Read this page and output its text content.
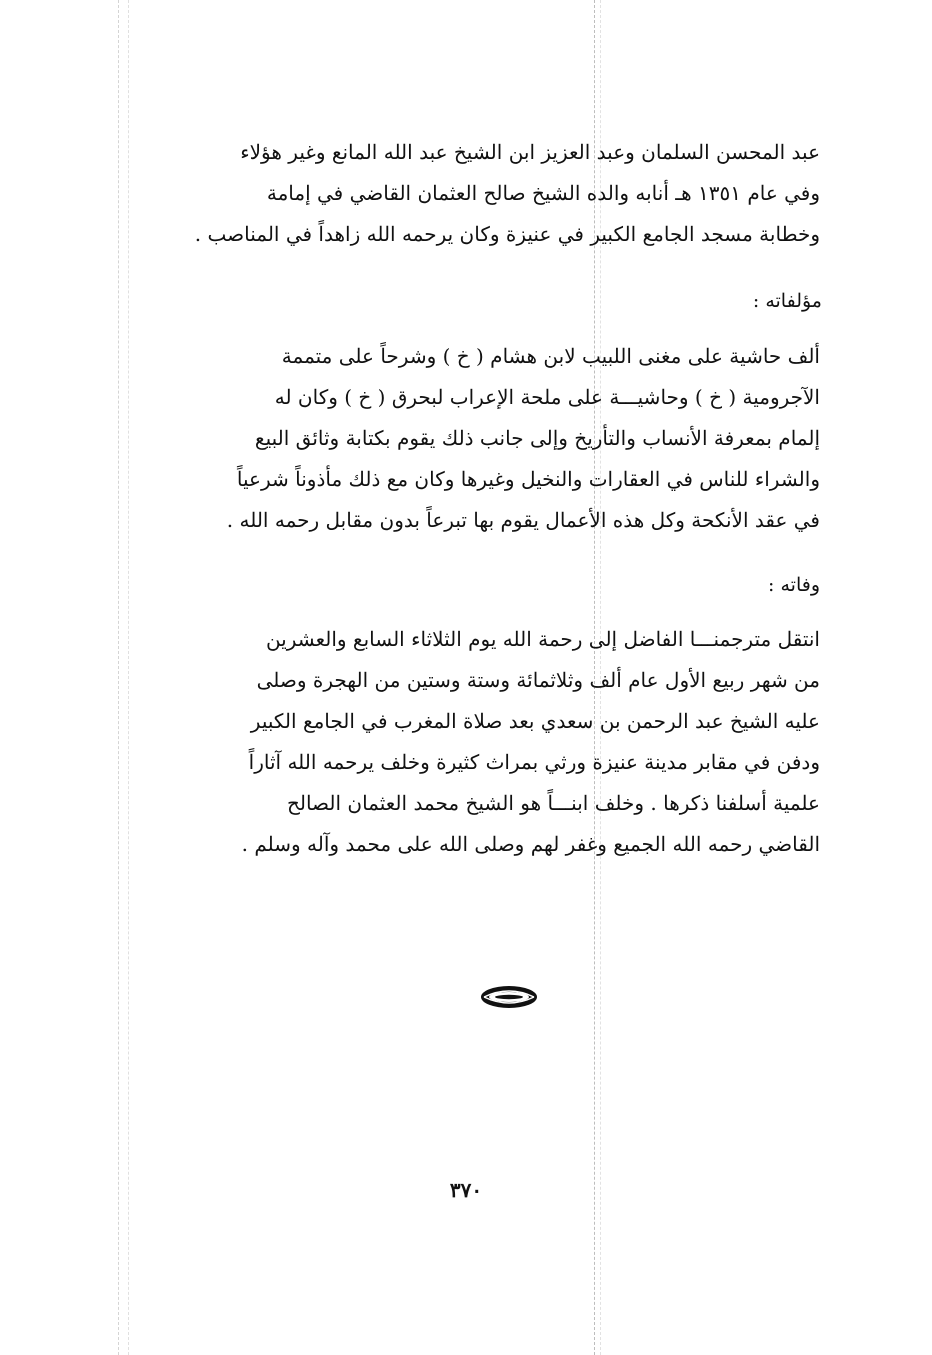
عبد المحسن السلمان وعبد العزيز ابن الشيخ عبد الله المانع وغير هؤلاء
وفي عام ١٣٥١ هـ أنابه والده الشيخ صالح العثمان القاضي في إمامة
وخطابة مسجد الجامع الكبير في عنيزة وكان يرحمه الله زاهداً في المناصب .
مؤلفاته :
ألف حاشية على مغنى اللبيب لابن هشام ( خ ) وشرحاً على متممة
الآجرومية ( خ ) وحاشيـــة على ملحة الإعراب لبحرق ( خ ) وكان له
إلمام بمعرفة الأنساب والتأريخ وإلى جانب ذلك يقوم بكتابة وثائق البيع
والشراء للناس في العقارات والنخيل وغيرها وكان مع ذلك مأذوناً شرعياً
في عقد الأنكحة وكل هذه الأعمال يقوم بها تبرعاً بدون مقابل رحمه الله .
وفاته :
انتقل مترجمنـــا الفاضل إلى رحمة الله يوم الثلاثاء السابع والعشرين
من شهر ربيع الأول عام ألف وثلاثمائة وستة وستين من الهجرة وصلى
عليه الشيخ عبد الرحمن بن سعدي بعد صلاة المغرب في الجامع الكبير
ودفن في مقابر مدينة عنيزة ورثي بمراث كثيرة وخلف يرحمه الله آثاراً
علمية أسلفنا ذكرها . وخلف ابنـــاً هو الشيخ محمد العثمان الصالح
القاضي رحمه الله الجميع وغفر لهم وصلى الله على محمد وآله وسلم .
٣٧٠
